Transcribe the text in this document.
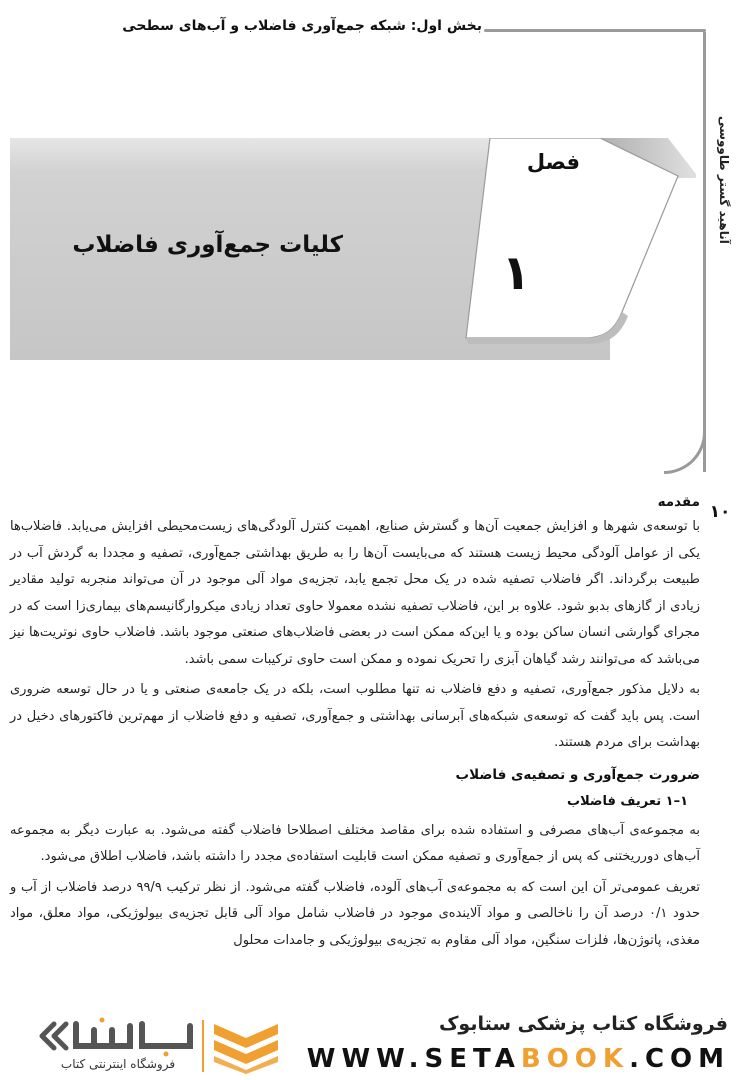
بخش اول: شبکه جمع‌آوری فاضلاب و آب‌های سطحی
آناهید گستر طاووسی
۱۰
فصل
۱
کلیات جمع‌آوری فاضلاب
مقدمه

با توسعه‌ی شهرها و افزایش جمعیت آن‌ها و گسترش صنایع، اهمیت کنترل آلودگی‌های زیست‌محیطی افزایش می‌یابد. فاضلاب‌ها یکی از عوامل آلودگی محیط زیست هستند که می‌بایست آن‌ها را به طریق بهداشتی جمع‌آوری، تصفیه و مجددا به گردش آب در طبیعت برگرداند. اگر فاضلاب تصفیه شده در یک محل تجمع یابد، تجزیه‌ی مواد آلی موجود در آن می‌تواند منجربه تولید مقادیر زیادی از گازهای بدبو شود. علاوه بر این، فاضلاب تصفیه نشده معمولا حاوی تعداد زیادی میکروارگانیسم‌های بیماری‌زا است که در مجرای گوارشی انسان ساکن بوده و یا این‌که ممکن است در بعضی فاضلاب‌های صنعتی موجود باشد. فاضلاب حاوی نوتریت‌ها نیز می‌باشد که می‌توانند رشد گیاهان آبزی را تحریک نموده و ممکن است حاوی ترکیبات سمی باشد.

به دلایل مذکور جمع‌آوری، تصفیه و دفع فاضلاب نه تنها مطلوب است، بلکه در یک جامعه‌ی صنعتی و یا در حال توسعه ضروری است. پس باید گفت که توسعه‌ی شبکه‌های آبرسانی بهداشتی و جمع‌آوری، تصفیه و دفع فاضلاب از مهم‌ترین فاکتورهای دخیل در بهداشت برای مردم هستند.

ضرورت جمع‌آوری و تصفیه‌ی فاضلاب
۱–۱ تعریف فاضلاب

به مجموعه‌ی آب‌های مصرفی و استفاده شده برای مقاصد مختلف اصطلاحا فاضلاب گفته می‌شود. به عبارت دیگر به مجموعه آب‌های دورریختنی که پس از جمع‌آوری و تصفیه ممکن است قابلیت استفاده‌ی مجدد را داشته باشد، فاضلاب اطلاق می‌شود.

تعریف عمومی‌تر آن این است که به مجموعه‌ی آب‌های آلوده، فاضلاب گفته می‌شود. از نظر ترکیب ۹۹/۹ درصد فاضلاب از آب و حدود ۰/۱ درصد آن را ناخالصی و مواد آلاینده‌ی موجود در فاضلاب شامل مواد آلی قابل تجزیه‌ی بیولوژیکی، مواد معلق، مواد مغذی، پاتوژن‌ها، فلزات سنگین، مواد آلی مقاوم به تجزیه‌ی بیولوژیکی و جامدات محلول

فروشگاه کتاب پزشکی ستابوک
WWW.SETABOOK.COM
فروشگاه اینترنتی کتاب
